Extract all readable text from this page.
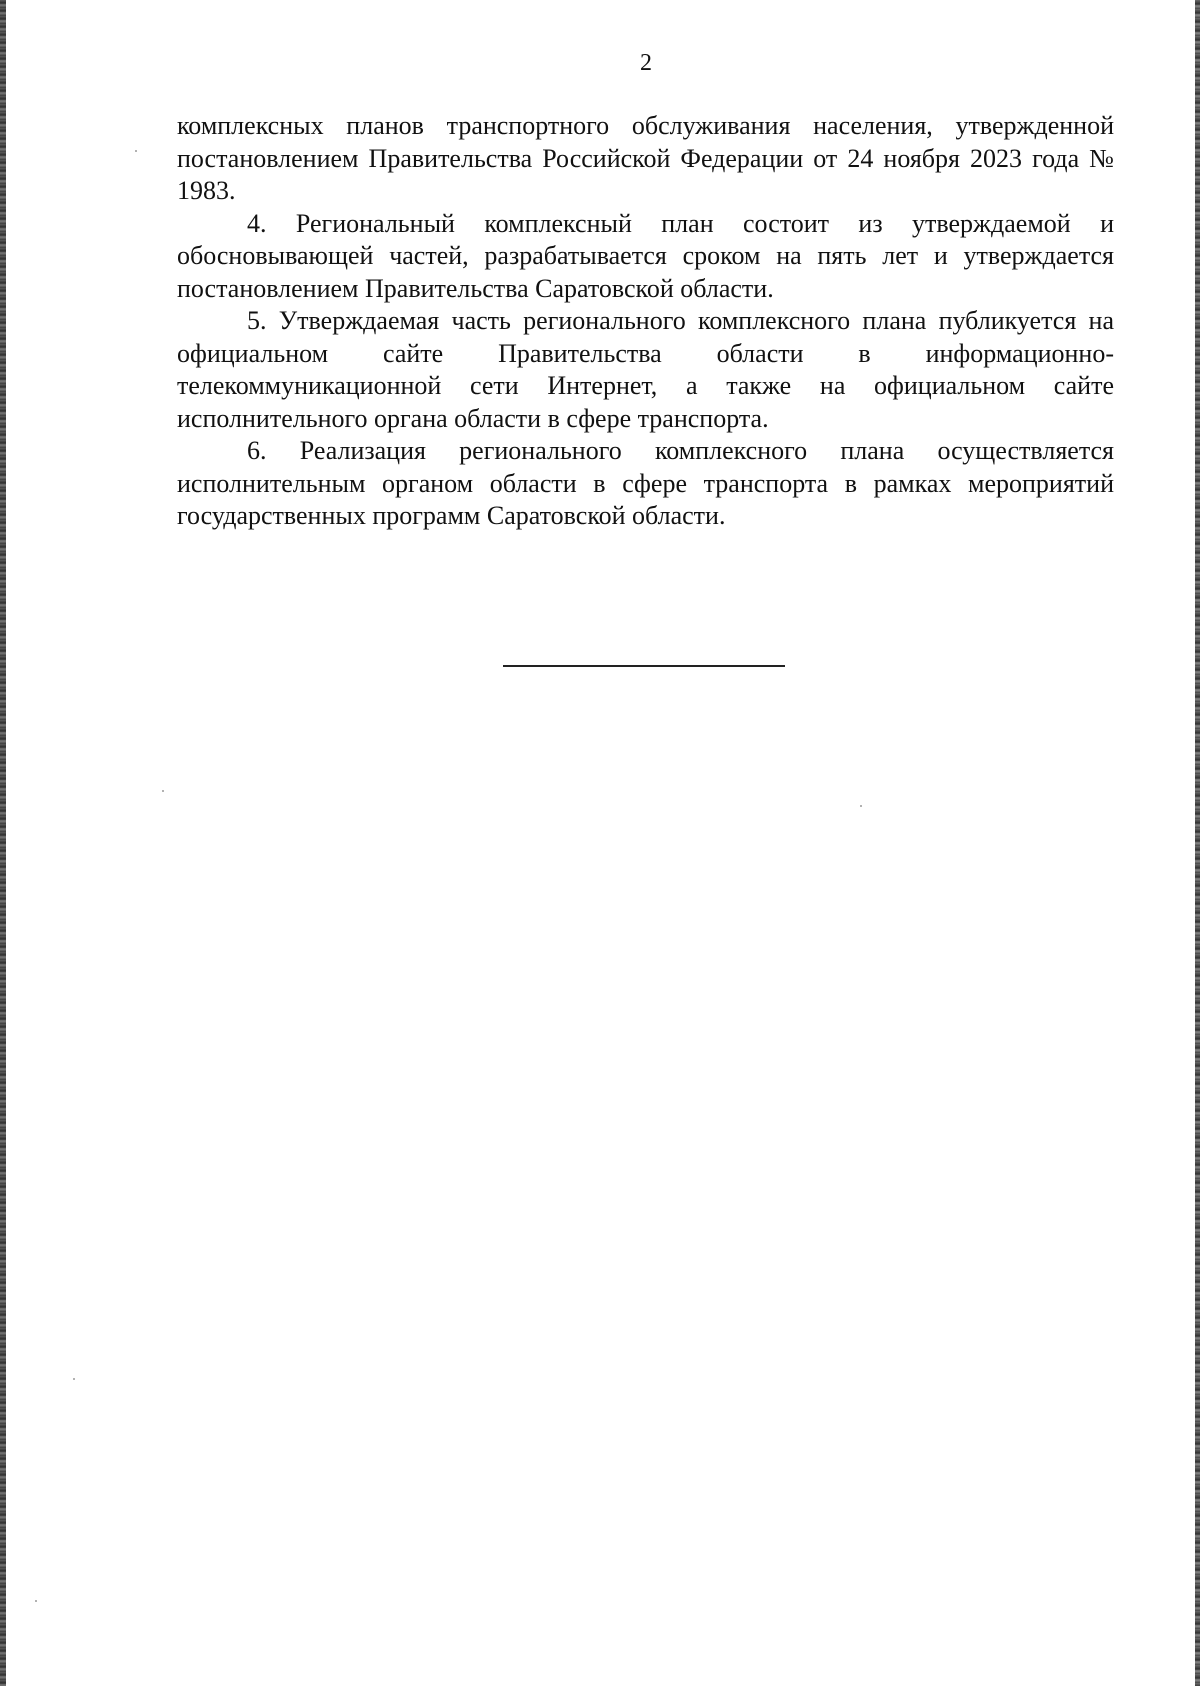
2

комплексных планов транспортного обслуживания населения, утвержденной постановлением Правительства Российской Федерации от 24 ноября 2023 года № 1983.

4. Региональный комплексный план состоит из утверждаемой и обосновывающей частей, разрабатывается сроком на пять лет и утверждается постановлением Правительства Саратовской области.

5. Утверждаемая часть регионального комплексного плана публикуется на официальном сайте Правительства области в информационно-телекоммуникационной сети Интернет, а также на официальном сайте исполнительного органа области в сфере транспорта.

6. Реализация регионального комплексного плана осуществляется исполнительным органом области в сфере транспорта в рамках мероприятий государственных программ Саратовской области.
